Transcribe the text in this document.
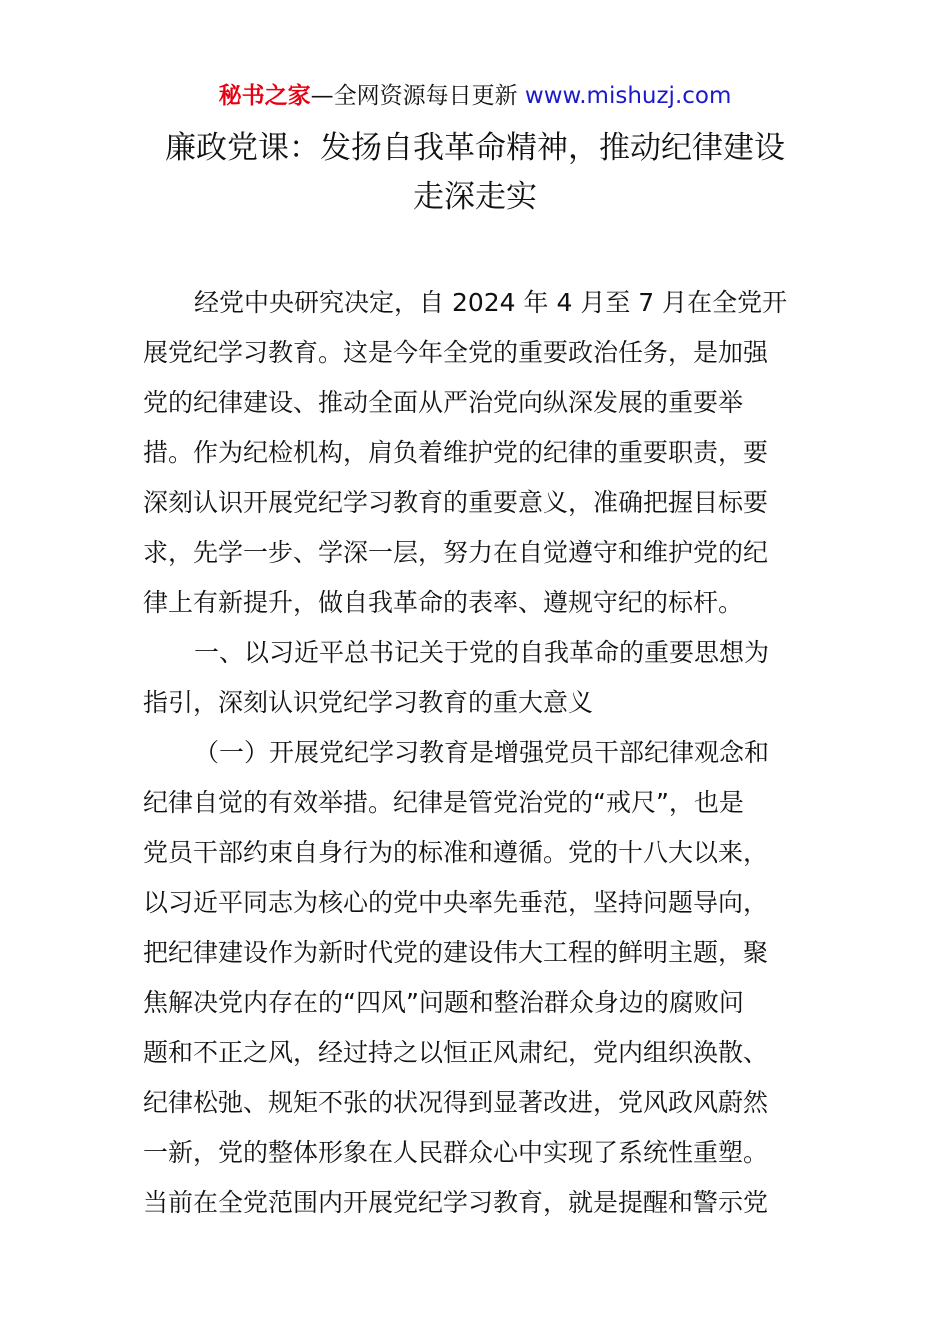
秘书之家—全网资源每日更新 www.mishuzj.com
廉政党课：发扬自我革命精神，推动纪律建设
走深走实
经党中央研究决定，自 2024 年 4 月至 7 月在全党开
展党纪学习教育。这是今年全党的重要政治任务，是加强
党的纪律建设、推动全面从严治党向纵深发展的重要举
措。作为纪检机构，肩负着维护党的纪律的重要职责，要
深刻认识开展党纪学习教育的重要意义，准确把握目标要
求，先学一步、学深一层，努力在自觉遵守和维护党的纪
律上有新提升，做自我革命的表率、遵规守纪的标杆。
一、以习近平总书记关于党的自我革命的重要思想为
指引，深刻认识党纪学习教育的重大意义
（一）开展党纪学习教育是增强党员干部纪律观念和
纪律自觉的有效举措。纪律是管党治党的“戒尺”，也是
党员干部约束自身行为的标准和遵循。党的十八大以来，
以习近平同志为核心的党中央率先垂范，坚持问题导向，
把纪律建设作为新时代党的建设伟大工程的鲜明主题，聚
焦解决党内存在的“四风”问题和整治群众身边的腐败问
题和不正之风，经过持之以恒正风肃纪，党内组织涣散、
纪律松弛、规矩不张的状况得到显著改进，党风政风蔚然
一新，党的整体形象在人民群众心中实现了系统性重塑。
当前在全党范围内开展党纪学习教育，就是提醒和警示党
